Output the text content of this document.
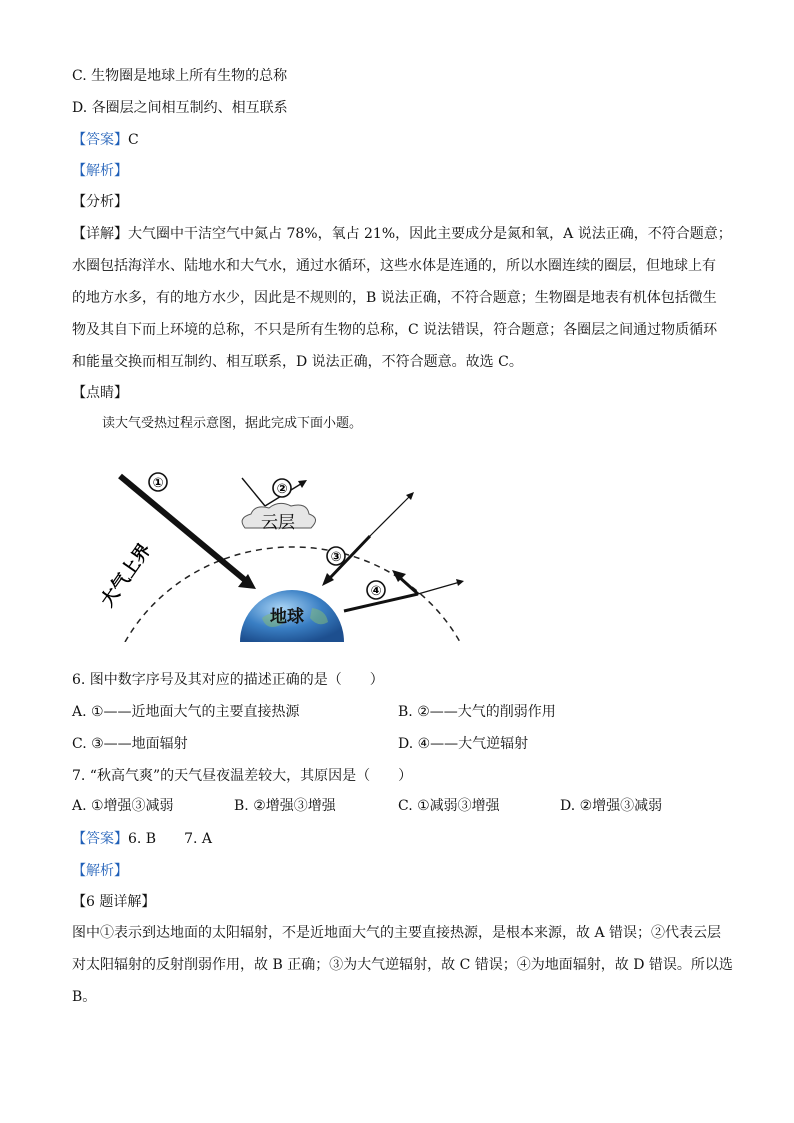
C. 生物圈是地球上所有生物的总称
D. 各圈层之间相互制约、相互联系
【答案】C
【解析】
【分析】
【详解】大气圈中干洁空气中氮占 78%，氧占 21%，因此主要成分是氮和氧，A 说法正确，不符合题意；
水圈包括海洋水、陆地水和大气水，通过水循环，这些水体是连通的，所以水圈连续的圈层，但地球上有
的地方水多，有的地方水少，因此是不规则的，B 说法正确，不符合题意；生物圈是地表有机体包括微生
物及其自下而上环境的总称，不只是所有生物的总称，C 说法错误，符合题意；各圈层之间通过物质循环
和能量交换而相互制约、相互联系，D 说法正确，不符合题意。故选 C。
【点睛】
读大气受热过程示意图，据此完成下面小题。
地球
①	②
云层
③
④
大气上界
6. 图中数字序号及其对应的描述正确的是（　　）
A. ①——近地面大气的主要直接热源	B. ②——大气的削弱作用
C. ③——地面辐射	D. ④——大气逆辐射
7. “秋高气爽”的天气昼夜温差较大，其原因是（　　）
A. ①增强③减弱	B. ②增强③增强	C. ①减弱③增强	D. ②增强③减弱
【答案】6. B　　7. A
【解析】
【6 题详解】
图中①表示到达地面的太阳辐射，不是近地面大气的主要直接热源，是根本来源，故 A 错误；②代表云层
对太阳辐射的反射削弱作用，故 B 正确；③为大气逆辐射，故 C 错误；④为地面辐射，故 D 错误。所以选
B。
